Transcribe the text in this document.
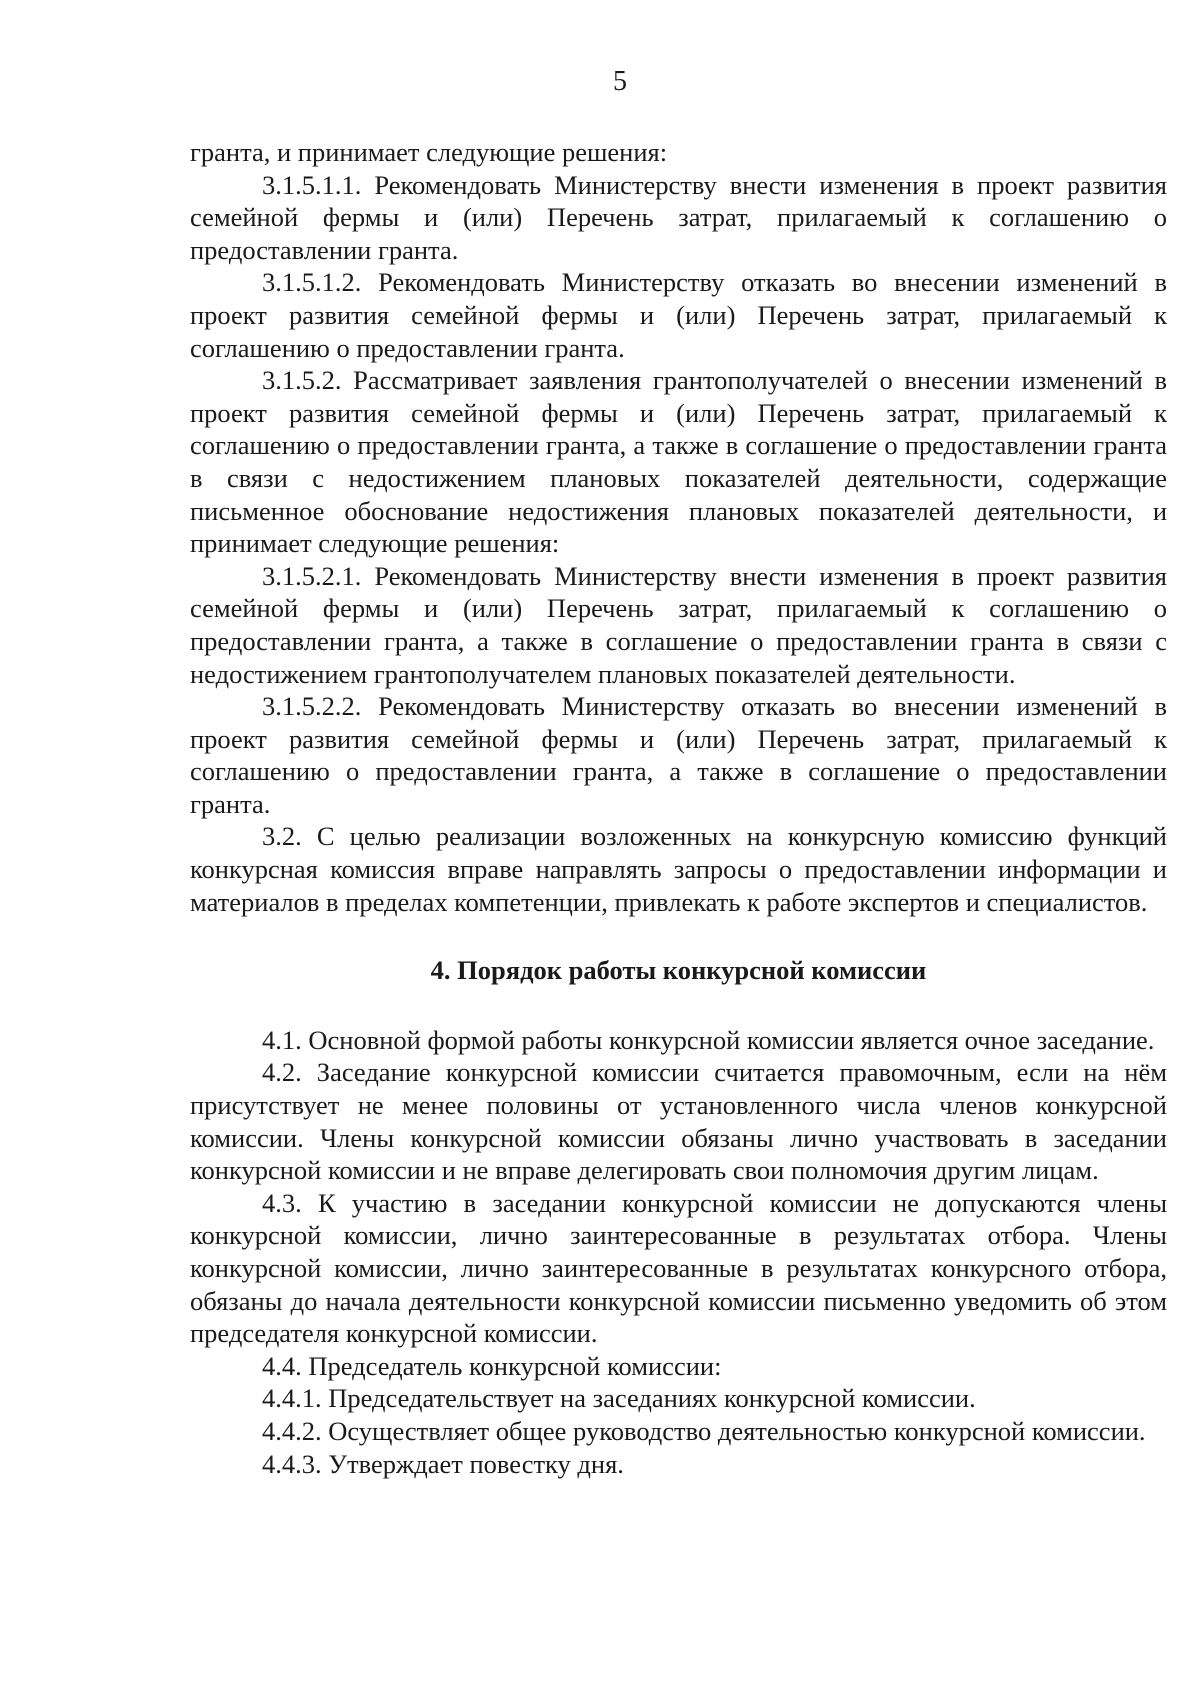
5

гранта, и принимает следующие решения:

3.1.5.1.1. Рекомендовать Министерству внести изменения в проект развития семейной фермы и (или) Перечень затрат, прилагаемый к соглашению о предоставлении гранта.

3.1.5.1.2. Рекомендовать Министерству отказать во внесении изменений в проект развития семейной фермы и (или) Перечень затрат, прилагаемый к соглашению о предоставлении гранта.

3.1.5.2. Рассматривает заявления грантополучателей о внесении изменений в проект развития семейной фермы и (или) Перечень затрат, прилагаемый к соглашению о предоставлении гранта, а также в соглашение о предоставлении гранта в связи с недостижением плановых показателей деятельности, содержащие письменное обоснование недостижения плановых показателей деятельности, и принимает следующие решения:

3.1.5.2.1. Рекомендовать Министерству внести изменения в проект развития семейной фермы и (или) Перечень затрат, прилагаемый к соглашению о предоставлении гранта, а также в соглашение о предоставлении гранта в связи с недостижением грантополучателем плановых показателей деятельности.

3.1.5.2.2. Рекомендовать Министерству отказать во внесении изменений в проект развития семейной фермы и (или) Перечень затрат, прилагаемый к соглашению о предоставлении гранта, а также в соглашение о предоставлении гранта.

3.2. С целью реализации возложенных на конкурсную комиссию функций конкурсная комиссия вправе направлять запросы о предоставлении информации и материалов в пределах компетенции, привлекать к работе экспертов и специалистов.

4. Порядок работы конкурсной комиссии

4.1. Основной формой работы конкурсной комиссии является очное заседание.

4.2. Заседание конкурсной комиссии считается правомочным, если на нём присутствует не менее половины от установленного числа членов конкурсной комиссии. Члены конкурсной комиссии обязаны лично участвовать в заседании конкурсной комиссии и не вправе делегировать свои полномочия другим лицам.

4.3. К участию в заседании конкурсной комиссии не допускаются члены конкурсной комиссии, лично заинтересованные в результатах отбора. Члены конкурсной комиссии, лично заинтересованные в результатах конкурсного отбора, обязаны до начала деятельности конкурсной комиссии письменно уведомить об этом председателя конкурсной комиссии.

4.4. Председатель конкурсной комиссии:

4.4.1. Председательствует на заседаниях конкурсной комиссии.

4.4.2. Осуществляет общее руководство деятельностью конкурсной комиссии.

4.4.3. Утверждает повестку дня.
